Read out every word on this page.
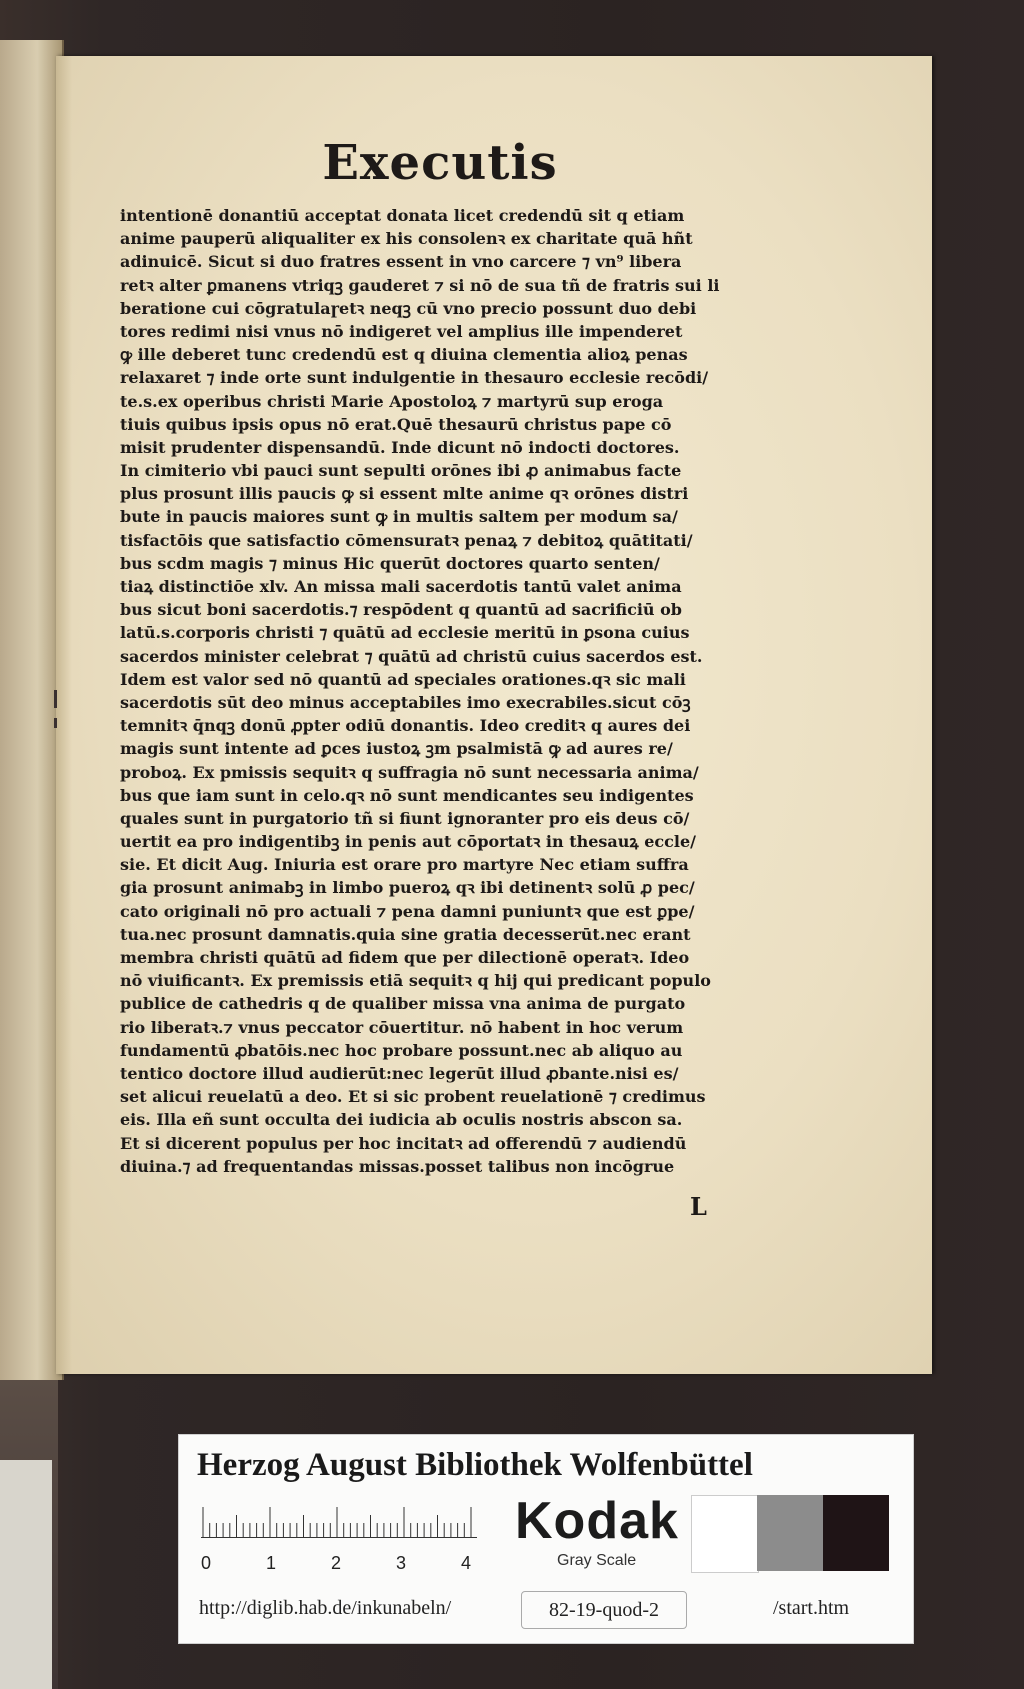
Executis
intentionē donantiū acceptat donata licet credendū sit q etiam
anime pauperū aliqualiter ex his consolenꝛ ex charitate quā hñt
adinuicē. Sicut si duo fratres essent in vno carcere ⁊ vn⁹ libera
retꝛ alter ꝑmanens vtriqꝫ gauderet ⁊ si nō de sua tñ de fratris sui li
beratione cui cōgratulaɼetꝛ neqꝫ cū vno precio possunt duo debi
tores redimi nisi vnus nō indigeret vel amplius ille impenderet
ꝙ ille deberet tunc credendū est q diuina clementia alioꝝ penas
relaxaret ⁊ inde orte sunt indulgentie in thesauro ecclesie recōdi/
te.s.ex operibus christi Marie Apostoloꝝ ⁊ martyrū sup eroga
tiuis quibus ipsis opus nō erat.Quē thesaurū christus pape cō
misit prudenter dispensandū. Inde dicunt nō indocti doctores.
In cimiterio vbi pauci sunt sepulti orōnes ibi ꝓ animabus facte
plus prosunt illis paucis ꝙ si essent mlte anime qꝛ orōnes distri
bute in paucis maiores sunt ꝙ in multis saltem per modum sa/
tisfactōis que satisfactio cōmensuratꝛ penaꝝ ⁊ debitoꝝ quātitati/
bus scdm magis ⁊ minus Hic querūt doctores quarto senten/
tiaꝝ distinctiōe xlv. An missa mali sacerdotis tantū valet anima
bus sicut boni sacerdotis.⁊ respōdent q quantū ad sacrificiū ob
latū.s.corporis christi ⁊ quātū ad ecclesie meritū in ꝑsona cuius
sacerdos minister celebrat ⁊ quātū ad christū cuius sacerdos est.
Idem est valor sed nō quantū ad speciales orationes.qꝛ sic mali
sacerdotis sūt deo minus acceptabiles imo execrabiles.sicut cōꝫ
temnitꝛ q̄nqꝫ donū ꝓpter odiū donantis. Ideo creditꝛ q aures dei
magis sunt intente ad ꝑces iustoꝝ ꝫm psalmistā ꝙ ad aures re/
proboꝝ. Ex pmissis sequitꝛ q suffragia nō sunt necessaria anima/
bus que iam sunt in celo.qꝛ nō sunt mendicantes seu indigentes
quales sunt in purgatorio tñ si fiunt ignoranter pro eis deus cō/
uertit ea pro indigentibꝫ in penis aut cōportatꝛ in thesauꝝ eccle/
sie. Et dicit Aug. Iniuria est orare pro martyre Nec etiam suffra
gia prosunt animabꝫ in limbo pueroꝝ qꝛ ibi detinentꝛ solū ꝓ pec/
cato originali nō pro actuali ⁊ pena damni puniuntꝛ que est ꝑpe/
tua.nec prosunt damnatis.quia sine gratia decesserūt.nec erant
membra christi quātū ad fidem que per dilectionē operatꝛ. Ideo
nō viuificantꝛ. Ex premissis etiā sequitꝛ q hij qui predicant populo
publice de cathedris q de qualiber missa vna anima de purgato
rio liberatꝛ.⁊ vnus peccator cōuertitur. nō habent in hoc verum
fundamentū ꝓbatōis.nec hoc probare possunt.nec ab aliquo au
tentico doctore illud audierūt:nec legerūt illud ꝓbante.nisi es/
set alicui reuelatū a deo. Et si sic probent reuelationē ⁊ credimus
eis. Illa eñ sunt occulta dei iudicia ab oculis nostris abscon sa.
Et si dicerent populus per hoc incitatꝛ ad offerendū ⁊ audiendū
diuina.⁊ ad frequentandas missas.posset talibus non incōgrue
L
Herzog August Bibliothek Wolfenbüttel
0	1	2	3	4
Kodak
Gray Scale
http://diglib.hab.de/inkunabeln/	82-19-quod-2	/start.htm
